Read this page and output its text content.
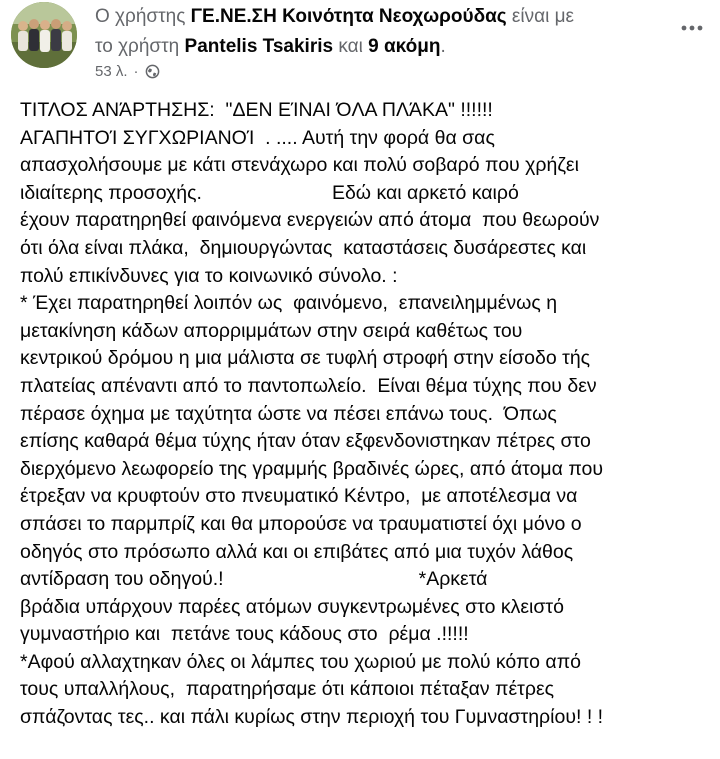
Ο χρήστης ΓΕ.ΝΕ.ΣΗ Κοινότητα Νεοχωρούδας είναι με
το χρήστη Pantelis Tsakiris και 9 ακόμη.
53 λ. ·
ΤΙΤΛΟΣ ΑΝΆΡΤΗΣΗΣ:  "ΔΕΝ ΕΊΝΑΙ ΌΛΑ ΠΛΆΚΑ" !!!!!!
ΑΓΑΠΗΤΟΊ ΣΥΓΧΩΡΙΑΝΟΊ  . .... Αυτή την φορά θα σας
απασχολήσουμε με κάτι στενάχωρο και πολύ σοβαρό που χρήζει
ιδιαίτερης προσοχής.                        Εδώ και αρκετό καιρό
έχουν παρατηρηθεί φαινόμενα ενεργειών από άτομα  που θεωρούν
ότι όλα είναι πλάκα,  δημιουργώντας  καταστάσεις δυσάρεστες και
πολύ επικίνδυνες για το κοινωνικό σύνολο. :
* Έχει παρατηρηθεί λοιπόν ως  φαινόμενο,  επανειλημμένως η
μετακίνηση κάδων απορριμμάτων στην σειρά καθέτως του
κεντρικού δρόμου η μια μάλιστα σε τυφλή στροφή στην είσοδο τής
πλατείας απέναντι από το παντοπωλείο.  Είναι θέμα τύχης που δεν
πέρασε όχημα με ταχύτητα ώστε να πέσει επάνω τους.  Όπως
επίσης καθαρά θέμα τύχης ήταν όταν εξφενδονιστηκαν πέτρες στο
διερχόμενο λεωφορείο της γραμμής βραδινές ώρες, από άτομα που
έτρεξαν να κρυφτούν στο πνευματικό Κέντρο,  με αποτέλεσμα να
σπάσει το παρμπρίζ και θα μπορούσε να τραυματιστεί όχι μόνο ο
οδηγός στο πρόσωπο αλλά και οι επιβάτες από μια τυχόν λάθος
αντίδραση του οδηγού.!                                    *Αρκετά
βράδια υπάρχουν παρέες ατόμων συγκεντρωμένες στο κλειστό
γυμναστήριο και  πετάνε τους κάδους στο  ρέμα .!!!!!
*Αφού αλλαχτηκαν όλες οι λάμπες του χωριού με πολύ κόπο από
τους υπαλλήλους,  παρατηρήσαμε ότι κάποιοι πέταξαν πέτρες
σπάζοντας τες.. και πάλι κυρίως στην περιοχή του Γυμναστηρίου! ! !
